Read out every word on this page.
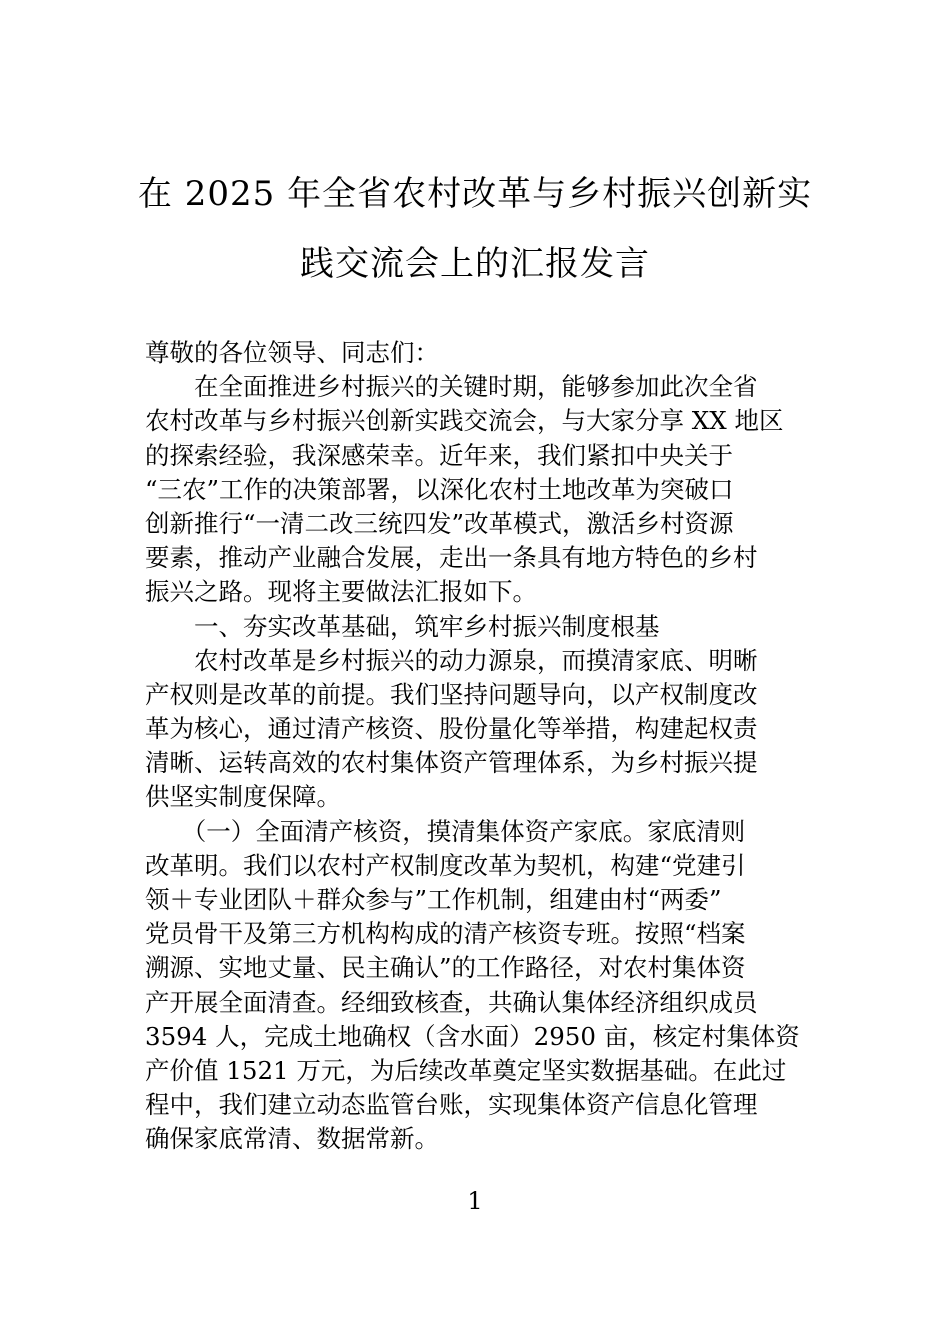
在 2025 年全省农村改革与乡村振兴创新实
践交流会上的汇报发言
尊敬的各位领导、同志们：
　　在全面推进乡村振兴的关键时期，能够参加此次全省
农村改革与乡村振兴创新实践交流会，与大家分享 XX 地区
的探索经验，我深感荣幸。近年来，我们紧扣中央关于
“三农”工作的决策部署，以深化农村土地改革为突破口
创新推行“一清二改三统四发”改革模式，激活乡村资源
要素，推动产业融合发展，走出一条具有地方特色的乡村
振兴之路。现将主要做法汇报如下。
　　一、夯实改革基础，筑牢乡村振兴制度根基
　　农村改革是乡村振兴的动力源泉，而摸清家底、明晰
产权则是改革的前提。我们坚持问题导向，以产权制度改
革为核心，通过清产核资、股份量化等举措，构建起权责
清晰、运转高效的农村集体资产管理体系，为乡村振兴提
供坚实制度保障。
　　（一）全面清产核资，摸清集体资产家底。家底清则
改革明。我们以农村产权制度改革为契机，构建“党建引
领＋专业团队＋群众参与”工作机制，组建由村“两委”
党员骨干及第三方机构构成的清产核资专班。按照“档案
溯源、实地丈量、民主确认”的工作路径，对农村集体资
产开展全面清查。经细致核查，共确认集体经济组织成员
3594 人，完成土地确权（含水面）2950 亩，核定村集体资
产价值 1521 万元，为后续改革奠定坚实数据基础。在此过
程中，我们建立动态监管台账，实现集体资产信息化管理
确保家底常清、数据常新。
1
